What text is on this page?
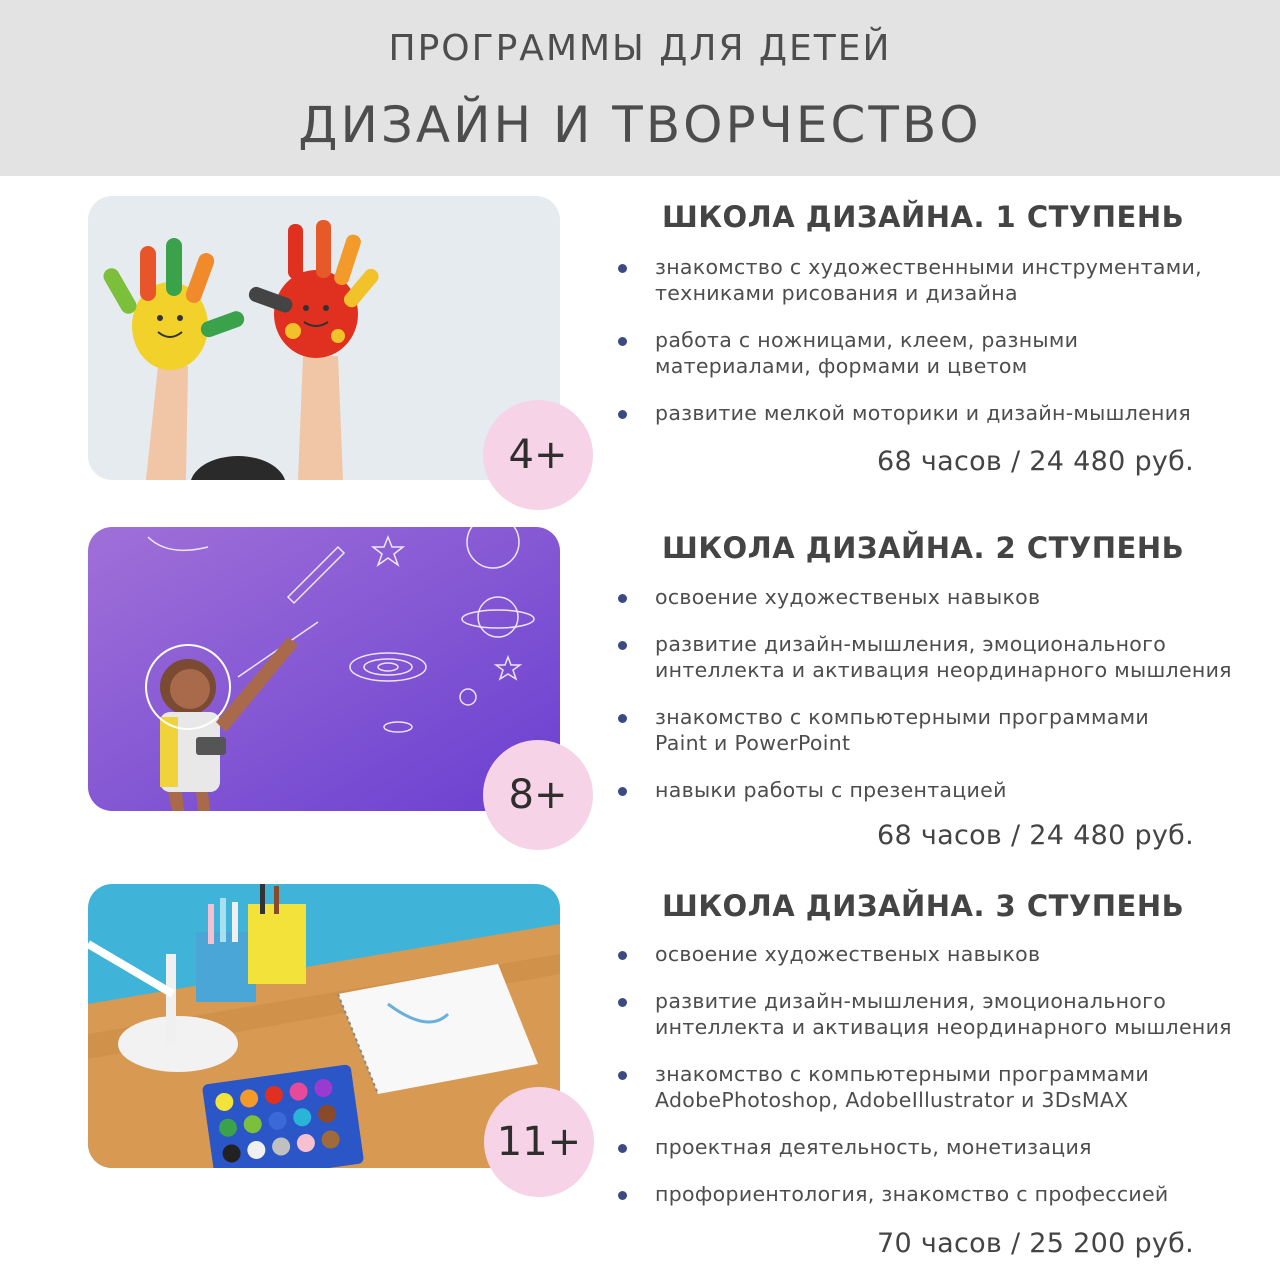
ПРОГРАММЫ ДЛЯ ДЕТЕЙ
ДИЗАЙН И ТВОРЧЕСТВО
4+
ШКОЛА ДИЗАЙНА. 1 СТУПЕНЬ
знакомство с художественными инструментами,
техниками рисования и дизайна
работа с ножницами, клеем, разными
материалами, формами и цветом
развитие мелкой моторики и дизайн-мышления
68 часов / 24 480 руб.
8+
ШКОЛА ДИЗАЙНА. 2 СТУПЕНЬ
освоение художественых навыков
развитие дизайн-мышления, эмоционального
интеллекта и активация неординарного мышления
знакомство с компьютерными программами
Paint и PowerPoint
навыки работы с презентацией
68 часов / 24 480 руб.
11+
ШКОЛА ДИЗАЙНА. 3 СТУПЕНЬ
освоение художественых навыков
развитие дизайн-мышления, эмоционального
интеллекта и активация неординарного мышления
знакомство с компьютерными программами
AdobePhotoshop, AdobeIllustrator и 3DsMAX
проектная деятельность, монетизация
профориентология, знакомство с профессией
70 часов / 25 200 руб.
